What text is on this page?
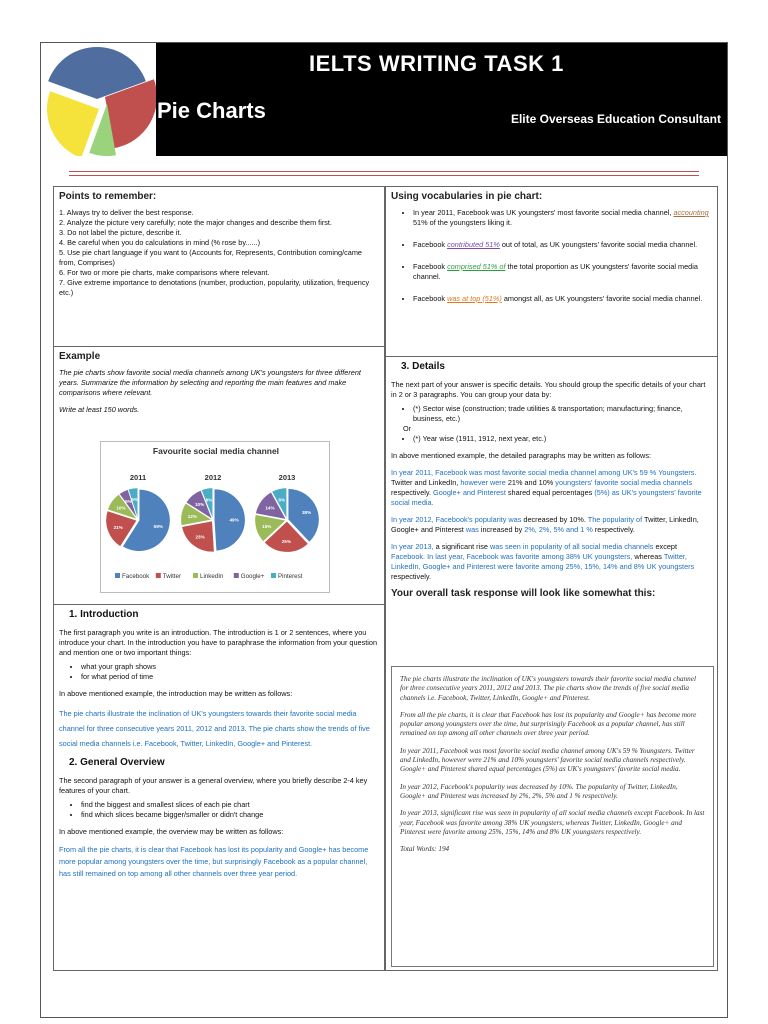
IELTS WRITING TASK 1
Pie Charts	Elite Overseas Education Consultant
Points to remember:
1. Always try to deliver the best response.
2. Analyze the picture very carefully; note the major changes and describe them first.
3. Do not label the picture, describe it.
4. Be careful when you do calculations in mind (% rose by......)
5. Use pie chart language if you want to (Accounts for, Represents, Contribution coming/came from, Comprises)
6. For two or more pie charts, make comparisons where relevant.
7. Give extreme importance to denotations (number, production, popularity, utilization, frequency etc.)
Example

The pie charts show favorite social media channels among UK's youngsters for three different years. Summarize the information by selecting and reporting the main features and make comparisons where relevant.

Write at least 150 words.

Favourite social media channel
2011
59%
21%
10%
5% 5%
2012
49%
23%
12%
10%
6%
2013
38%
25%
15%
14%
8%
Facebook Twitter	LinkedIn	Google+ Pinterest
1. Introduction

The first paragraph you write is an introduction. The introduction is 1 or 2 sentences, where you introduce your chart. In the introduction you have to paraphrase the information from your question and mention one or two important things:

• what your graph shows
• for what period of time

In above mentioned example, the introduction may be written as follows:

The pie charts illustrate the inclination of UK's youngsters towards their favorite social media channel for three consecutive years 2011, 2012 and 2013. The pie charts show the trends of five social media channels i.e. Facebook, Twitter, LinkedIn, Google+ and Pinterest.

2. General Overview

The second paragraph of your answer is a general overview, where you briefly describe 2-4 key features of your chart.

• find the biggest and smallest slices of each pie chart
• find which slices became bigger/smaller or didn't change

In above mentioned example, the overview may be written as follows:

From all the pie charts, it is clear that Facebook has lost its popularity and Google+ has become more popular among youngsters over the time, but surprisingly Facebook as a popular channel, has still remained on top among all other channels over three year period.

Using vocabularies in pie chart:
• In year 2011, Facebook was UK youngsters' most favorite social media channel, accounting 51% of the youngsters liking it.
• Facebook contributed 51% out of total, as UK youngsters' favorite social media channel.
• Facebook comprised 51% of the total proportion as UK youngsters' favorite social media channel.
• Facebook was at top (51%) amongst all, as UK youngsters' favorite social media channel.
3. Details

The next part of your answer is specific details. You should group the specific details of your chart in 2 or 3 paragraphs. You can group your data by:

• (*) Sector wise (construction; trade utilities & transportation; manufacturing; finance, business, etc.)

Or

• (*) Year wise (1911, 1912, next year, etc.)

In above mentioned example, the detailed paragraphs may be written as follows:

In year 2011, Facebook was most favorite social media channel among UK's 59 % Youngsters. Twitter and LinkedIn, however were 21% and 10% youngsters' favorite social media channels respectively. Google+ and Pinterest shared equal percentages (5%) as UK's youngsters' favorite social media.

In year 2012, Facebook's popularity was decreased by 10%. The popularity of Twitter, LinkedIn, Google+ and Pinterest was increased by 2%, 2%, 5% and 1 % respectively.

In year 2013, a significant rise was seen in popularity of all social media channels except Facebook. In last year, Facebook was favorite among 38% UK youngsters, whereas Twitter, LinkedIn, Google+ and Pinterest were favorite among 25%, 15%, 14% and 8% UK youngsters respectively.

Your overall task response will look like somewhat this:

The pie charts illustrate the inclination of UK's youngsters towards their favorite social media channel for three consecutive years 2011, 2012 and 2013. The pie charts show the trends of five social media channels i.e. Facebook, Twitter, LinkedIn, Google+ and Pinterest.

From all the pie charts, it is clear that Facebook has lost its popularity and Google+ has become more popular among youngsters over the time, but surprisingly Facebook as a popular channel, has still remained on top among all other channels over three year period.

In year 2011, Facebook was most favorite social media channel among UK's 59 % Youngsters. Twitter and LinkedIn, however were 21% and 10% youngsters' favorite social media channels respectively. Google+ and Pinterest shared equal percentages (5%) as UK's youngsters' favorite social media.

In year 2012, Facebook's popularity was decreased by 10%. The popularity of Twitter, LinkedIn, Google+ and Pinterest was increased by 2%, 2%, 5% and 1 % respectively.

In year 2013, significant rise was seen in popularity of all social media channels except Facebook. In last year, Facebook was favorite among 38% UK youngsters, whereas Twitter, LinkedIn, Google+ and Pinterest were favorite among 25%, 15%, 14% and 8% UK youngsters respectively.

Total Words: 194
